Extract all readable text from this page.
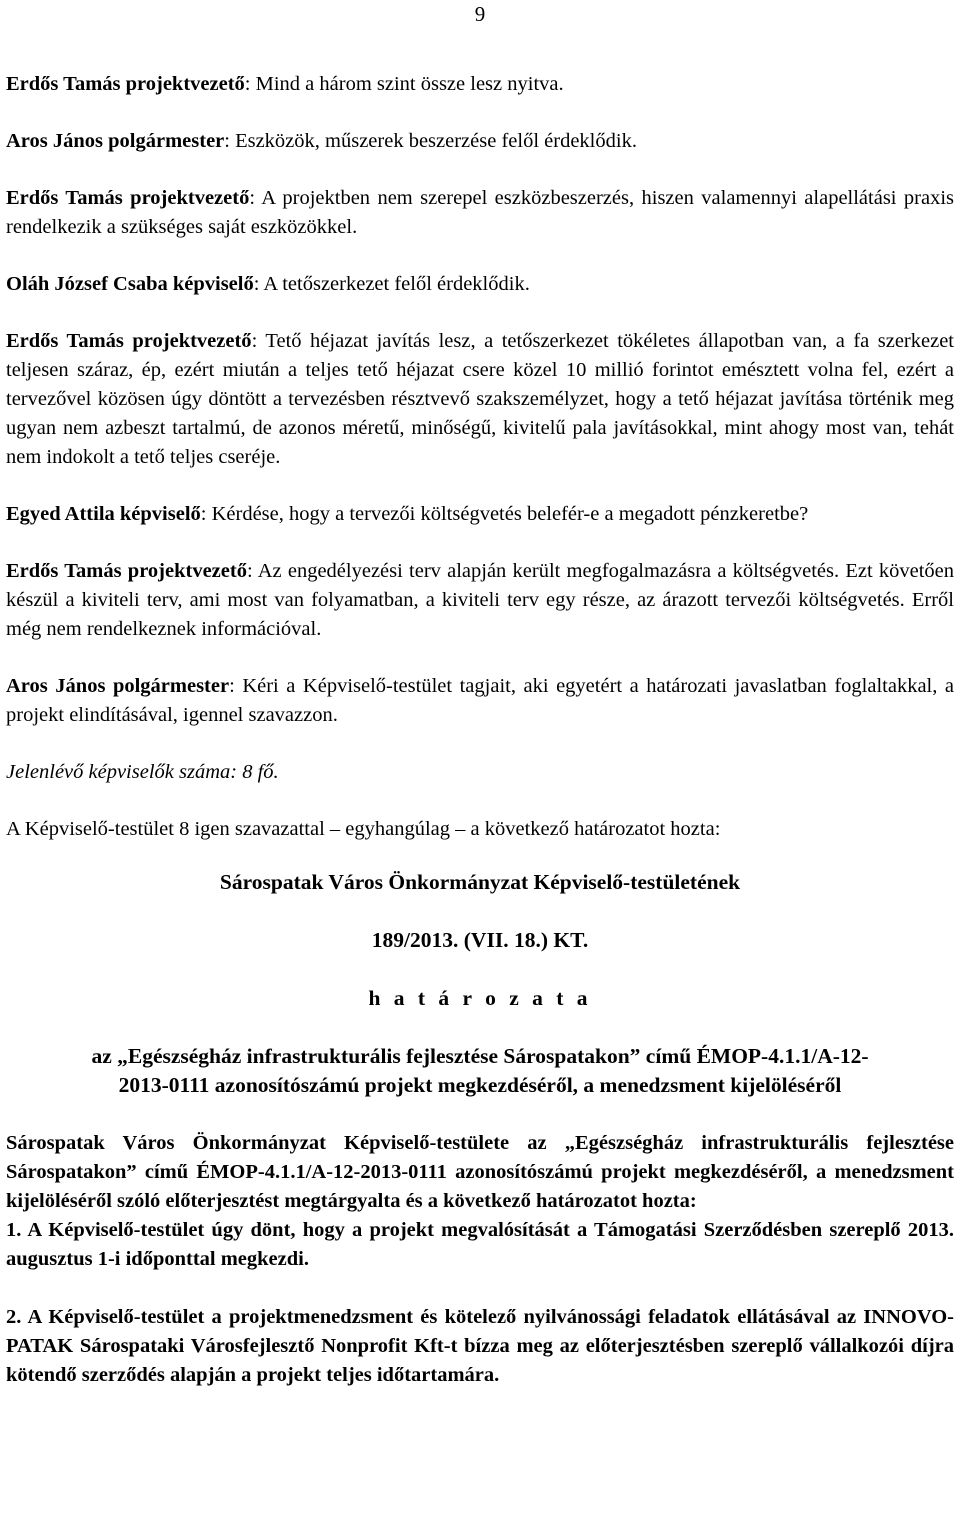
9

Erdős Tamás projektvezető: Mind a három szint össze lesz nyitva.

Aros János polgármester: Eszközök, műszerek beszerzése felől érdeklődik.

Erdős Tamás projektvezető: A projektben nem szerepel eszközbeszerzés, hiszen valamennyi alapellátási praxis rendelkezik a szükséges saját eszközökkel.

Oláh József Csaba képviselő: A tetőszerkezet felől érdeklődik.

Erdős Tamás projektvezető: Tető héjazat javítás lesz, a tetőszerkezet tökéletes állapotban van, a fa szerkezet teljesen száraz, ép, ezért miután a teljes tető héjazat csere közel 10 millió forintot emésztett volna fel, ezért a tervezővel közösen úgy döntött a tervezésben résztvevő szakszemélyzet, hogy a tető héjazat javítása történik meg ugyan nem azbeszt tartalmú, de azonos méretű, minőségű, kivitelű pala javításokkal, mint ahogy most van, tehát nem indokolt a tető teljes cseréje.

Egyed Attila képviselő: Kérdése, hogy a tervezői költségvetés belefér-e a megadott pénzkeretbe?

Erdős Tamás projektvezető: Az engedélyezési terv alapján került megfogalmazásra a költségvetés. Ezt követően készül a kiviteli terv, ami most van folyamatban, a kiviteli terv egy része, az árazott tervezői költségvetés. Erről még nem rendelkeznek információval.

Aros János polgármester: Kéri a Képviselő-testület tagjait, aki egyetért a határozati javaslatban foglaltakkal, a projekt elindításával, igennel szavazzon.

Jelenlévő képviselők száma: 8 fő.

A Képviselő-testület 8 igen szavazattal – egyhangúlag – a következő határozatot hozta:

Sárospatak Város Önkormányzat Képviselő-testületének

189/2013. (VII. 18.) KT.

h a t á r o z a t a

az „Egészségház infrastrukturális fejlesztése Sárospatakon” című ÉMOP-4.1.1/A-12-

2013-0111 azonosítószámú projekt megkezdéséről, a menedzsment kijelöléséről

Sárospatak Város Önkormányzat Képviselő-testülete az „Egészségház infrastrukturális fejlesztése Sárospatakon” című ÉMOP-4.1.1/A-12-2013-0111 azonosítószámú projekt megkezdéséről, a menedzsment kijelöléséről szóló előterjesztést megtárgyalta és a következő határozatot hozta:

1. A Képviselő-testület úgy dönt, hogy a projekt megvalósítását a Támogatási Szerződésben szereplő 2013. augusztus 1-i időponttal megkezdi.

2. A Képviselő-testület a projektmenedzsment és kötelező nyilvánossági feladatok ellátásával az INNOVO-PATAK Sárospataki Városfejlesztő Nonprofit Kft-t bízza meg az előterjesztésben szereplő vállalkozói díjra kötendő szerződés alapján a projekt teljes időtartamára.
